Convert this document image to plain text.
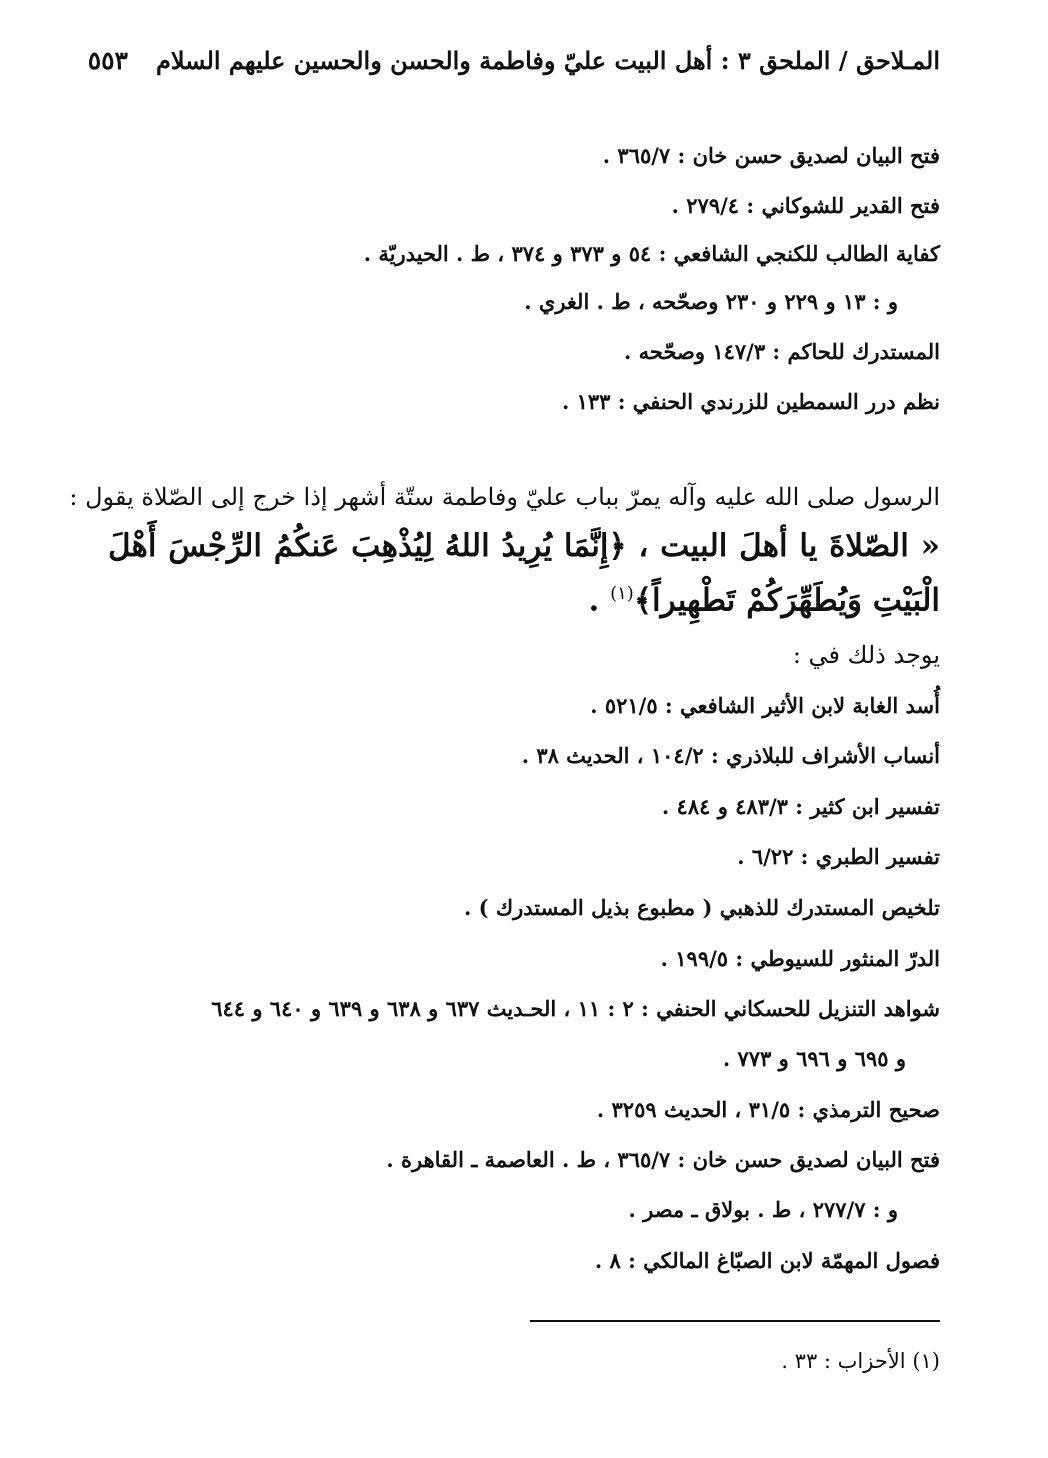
المـلاحق / الملحق ٣ : أهل البيت عليّ وفاطمة والحسن والحسين عليهم السلام
٥٥٣
فتح البيان لصديق حسن خان : ٣٦٥/٧ .
فتح القدير للشوكاني : ٢٧٩/٤ .
كفاية الطالب للكنجي الشافعي : ٥٤ و ٣٧٣ و ٣٧٤ ، ط . الحيدريّة .
و : ١٣ و ٢٢٩ و ٢٣٠ وصحّحه ، ط . الغري .
المستدرك للحاكم : ١٤٧/٣ وصحّحه .
نظم درر السمطين للزرندي الحنفي : ١٣٣ .
الرسول صلى الله عليه وآله يمرّ بباب عليّ وفاطمة ستّة أشهر إذا خرج إلى الصّلاة يقول :
« الصّلاةَ يا أهلَ البيت ، ﴿إِنَّمَا يُرِيدُ اللهُ لِيُذْهِبَ عَنكُمُ الرِّجْسَ أَهْلَ الْبَيْتِ وَيُطَهِّرَكُمْ تَطْهِيراً﴾$^{(١)}$ .
يوجد ذلك في :
أُسد الغابة لابن الأثير الشافعي : ٥٢١/٥ .
أنساب الأشراف للبلاذري : ١٠٤/٢ ، الحديث ٣٨ .
تفسير ابن كثير : ٤٨٣/٣ و ٤٨٤ .
تفسير الطبري : ٦/٢٢ .
تلخيص المستدرك للذهبي ( مطبوع بذيل المستدرك ) .
الدرّ المنثور للسيوطي : ١٩٩/٥ .
شواهد التنزيل للحسكاني الحنفي : ٢ : ١١ ، الحـديث ٦٣٧ و ٦٣٨ و ٦٣٩ و ٦٤٠ و ٦٤٤
و ٦٩٥ و ٦٩٦ و ٧٧٣ .
صحيح الترمذي : ٣١/٥ ، الحديث ٣٢٥٩ .
فتح البيان لصديق حسن خان : ٣٦٥/٧ ، ط . العاصمة ـ القاهرة .
و : ٢٧٧/٧ ، ط . بولاق ـ مصر .
فصول المهمّة لابن الصبّاغ المالكي : ٨ .
(١) الأحزاب : ٣٣ .
